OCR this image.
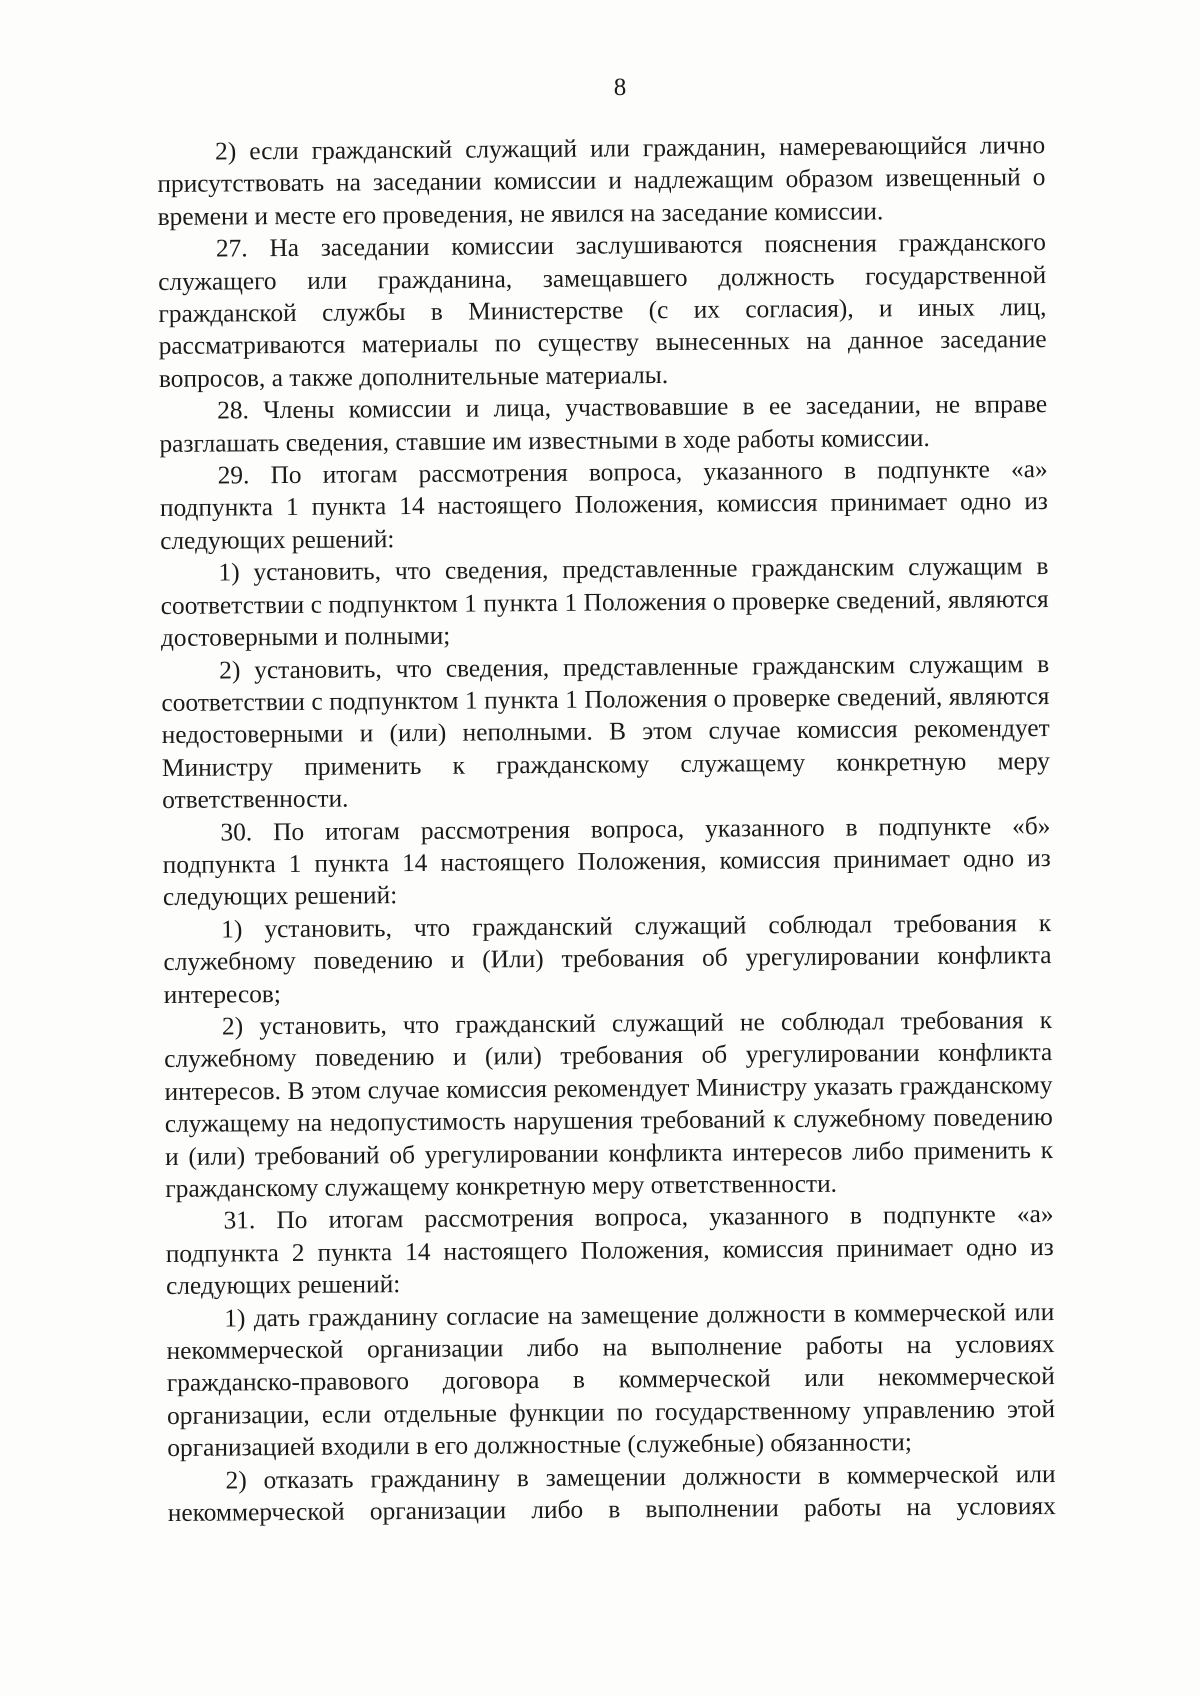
8

2) если гражданский служащий или гражданин, намеревающийся лично присутствовать на заседании комиссии и надлежащим образом извещенный о времени и месте его проведения, не явился на заседание комиссии.

27. На заседании комиссии заслушиваются пояснения гражданского служащего или гражданина, замещавшего должность государственной гражданской службы в Министерстве (с их согласия), и иных лиц, рассматриваются материалы по существу вынесенных на данное заседание вопросов, а также дополнительные материалы.

28. Члены комиссии и лица, участвовавшие в ее заседании, не вправе разглашать сведения, ставшие им известными в ходе работы комиссии.

29. По итогам рассмотрения вопроса, указанного в подпункте «а» подпункта 1 пункта 14 настоящего Положения, комиссия принимает одно из следующих решений:

1) установить, что сведения, представленные гражданским служащим в соответствии с подпунктом 1 пункта 1 Положения о проверке сведений, являются достоверными и полными;

2) установить, что сведения, представленные гражданским служащим в соответствии с подпунктом 1 пункта 1 Положения о проверке сведений, являются недостоверными и (или) неполными. В этом случае комиссия рекомендует Министру применить к гражданскому служащему конкретную меру ответственности.

30. По итогам рассмотрения вопроса, указанного в подпункте «б» подпункта 1 пункта 14 настоящего Положения, комиссия принимает одно из следующих решений:

1) установить, что гражданский служащий соблюдал требования к служебному поведению и (Или) требования об урегулировании конфликта интересов;

2) установить, что гражданский служащий не соблюдал требования к служебному поведению и (или) требования об урегулировании конфликта интересов. В этом случае комиссия рекомендует Министру указать гражданскому служащему на недопустимость нарушения требований к служебному поведению и (или) требований об урегулировании конфликта интересов либо применить к гражданскому служащему конкретную меру ответственности.

31. По итогам рассмотрения вопроса, указанного в подпункте «а» подпункта 2 пункта 14 настоящего Положения, комиссия принимает одно из следующих решений:

1) дать гражданину согласие на замещение должности в коммерческой или некоммерческой организации либо на выполнение работы на условиях гражданско-правового договора в коммерческой или некоммерческой организации, если отдельные функции по государственному управлению этой организацией входили в его должностные (служебные) обязанности;

2) отказать гражданину в замещении должности в коммерческой или некоммерческой организации либо в выполнении работы на условиях
